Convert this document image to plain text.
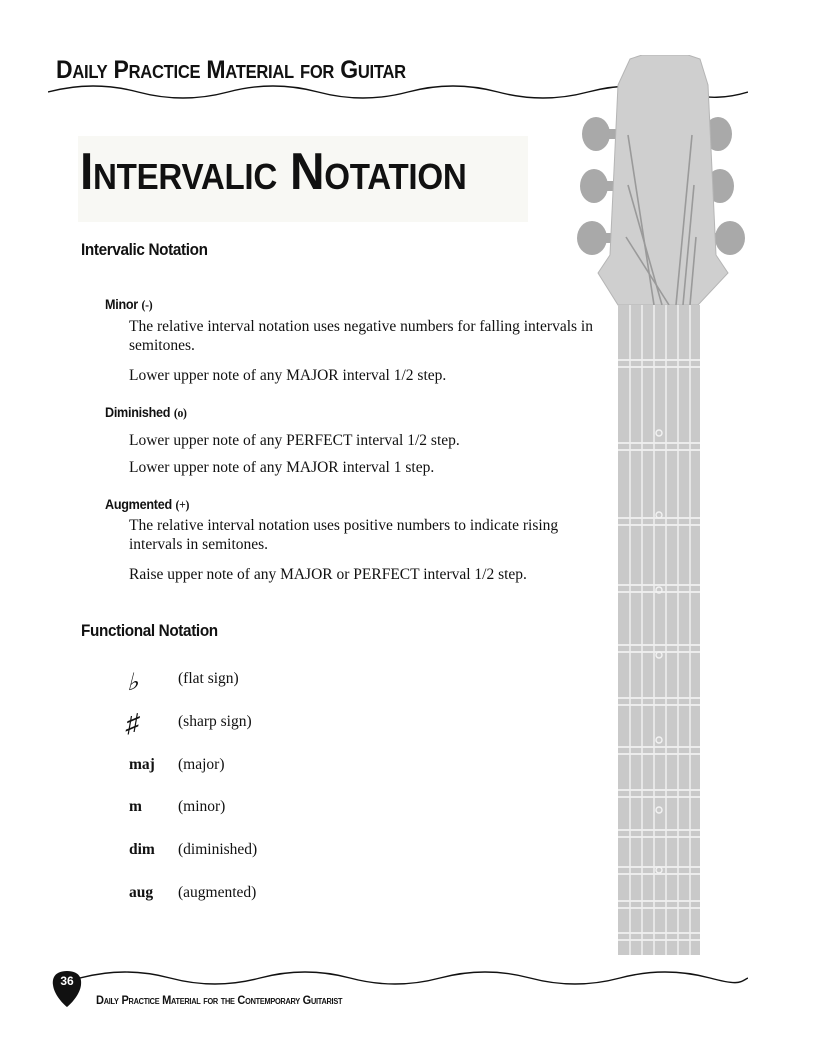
Daily Practice Material for Guitar
Intervalic Notation
Intervalic Notation
Minor (-)
The relative interval notation uses negative numbers for falling intervals in semitones.
Lower upper note of any MAJOR interval 1/2 step.
Diminished (o)
Lower upper note of any PERFECT interval 1/2 step.
Lower upper note of any MAJOR interval 1 step.
Augmented (+)
The relative interval notation uses positive numbers to indicate rising intervals in semitones.
Raise upper note of any MAJOR or PERFECT interval 1/2 step.
Functional Notation
♭	(flat sign)
♯	(sharp sign)
maj (major)
m (minor)
dim (diminished)
aug (augmented)
36
Daily Practice Material for the Contemporary Guitarist
